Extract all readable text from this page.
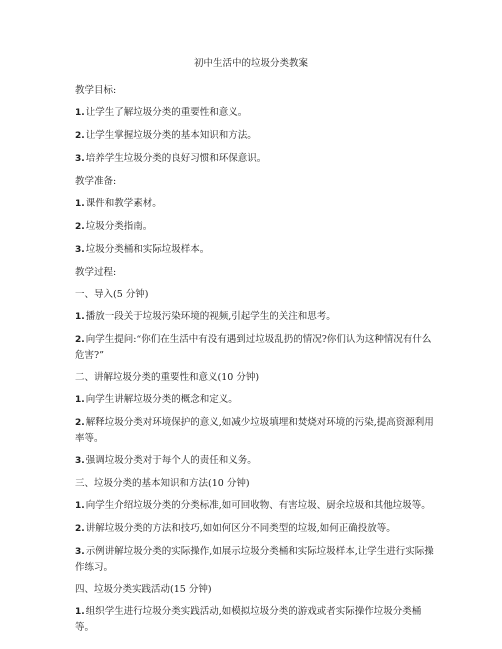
初中生活中的垃圾分类教案

教学目标:

1.让学生了解垃圾分类的重要性和意义。

2.让学生掌握垃圾分类的基本知识和方法。

3.培养学生垃圾分类的良好习惯和环保意识。

教学准备:

1.课件和教学素材。

2.垃圾分类指南。

3.垃圾分类桶和实际垃圾样本。

教学过程:

一、导入(5 分钟)

1.播放一段关于垃圾污染环境的视频,引起学生的关注和思考。

2.向学生提问:“你们在生活中有没有遇到过垃圾乱扔的情况?你们认为这种情况有什么危害?”

二、讲解垃圾分类的重要性和意义(10 分钟)

1.向学生讲解垃圾分类的概念和定义。

2.解释垃圾分类对环境保护的意义,如减少垃圾填埋和焚烧对环境的污染,提高资源利用率等。

3.强调垃圾分类对于每个人的责任和义务。

三、垃圾分类的基本知识和方法(10 分钟)

1.向学生介绍垃圾分类的分类标准,如可回收物、有害垃圾、厨余垃圾和其他垃圾等。

2.讲解垃圾分类的方法和技巧,如如何区分不同类型的垃圾,如何正确投放等。

3.示例讲解垃圾分类的实际操作,如展示垃圾分类桶和实际垃圾样本,让学生进行实际操作练习。

四、垃圾分类实践活动(15 分钟)

1.组织学生进行垃圾分类实践活动,如模拟垃圾分类的游戏或者实际操作垃圾分类桶等。
